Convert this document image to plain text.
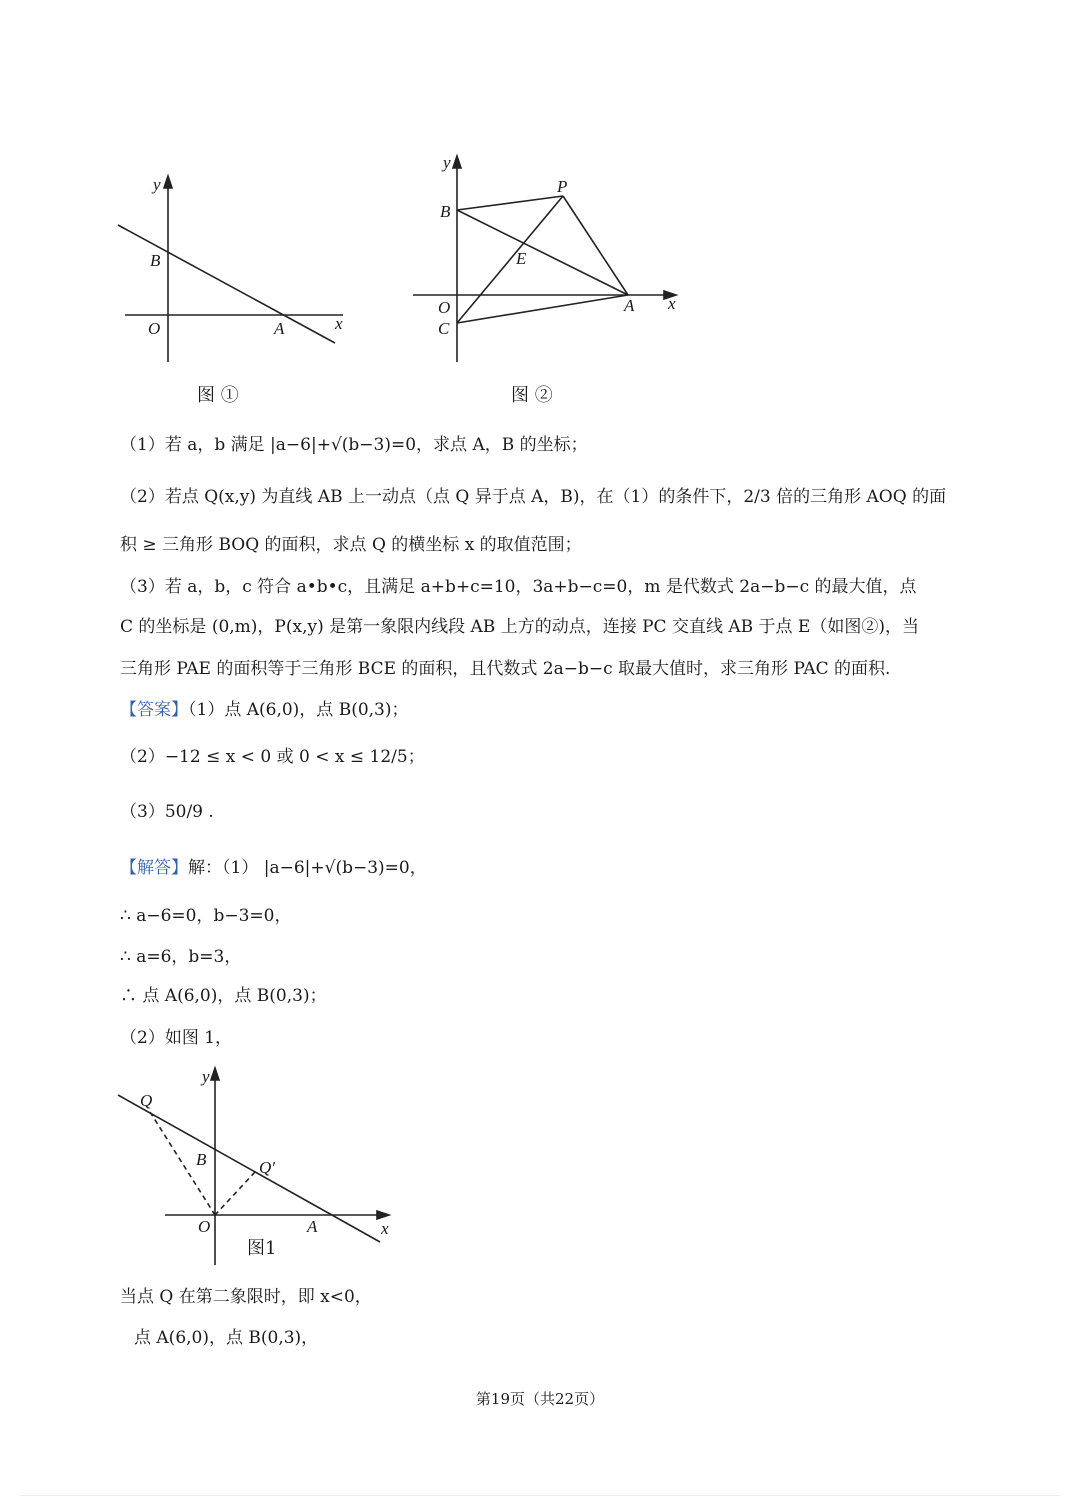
y
x
B
O	A
y
x
B
P
E
O
C
A
y
x
Q
B	Q′
O	A
图 ①	图 ②
图1
（1）若 a，b 满足 |a−6|+√(b−3)=0，求点 A，B 的坐标；
（2）若点 Q(x,y) 为直线 AB 上一动点（点 Q 异于点 A，B)，在（1）的条件下，2/3 倍的三角形 AOQ 的面
积 ≥ 三角形 BOQ 的面积，求点 Q 的横坐标 x 的取值范围；
（3）若 a，b，c 符合 a•b•c，且满足 a+b+c=10，3a+b−c=0，m 是代数式 2a−b−c 的最大值，点
C 的坐标是 (0,m)，P(x,y) 是第一象限内线段 AB 上方的动点，连接 PC 交直线 AB 于点 E（如图②)，当
三角形 PAE 的面积等于三角形 BCE 的面积，且代数式 2a−b−c 取最大值时，求三角形 PAC 的面积.
【答案】（1）点 A(6,0)，点 B(0,3)；
（2）−12 ≤ x < 0 或 0 < x ≤ 12/5；
（3）50/9 .
【解答】解：（1） |a−6|+√(b−3)=0，
∴ a−6=0，b−3=0，
∴ a=6，b=3，
∴ 点 A(6,0)，点 B(0,3)；
（2）如图 1，
当点 Q 在第二象限时，即 x<0，
点 A(6,0)，点 B(0,3)，
第19页（共22页）
